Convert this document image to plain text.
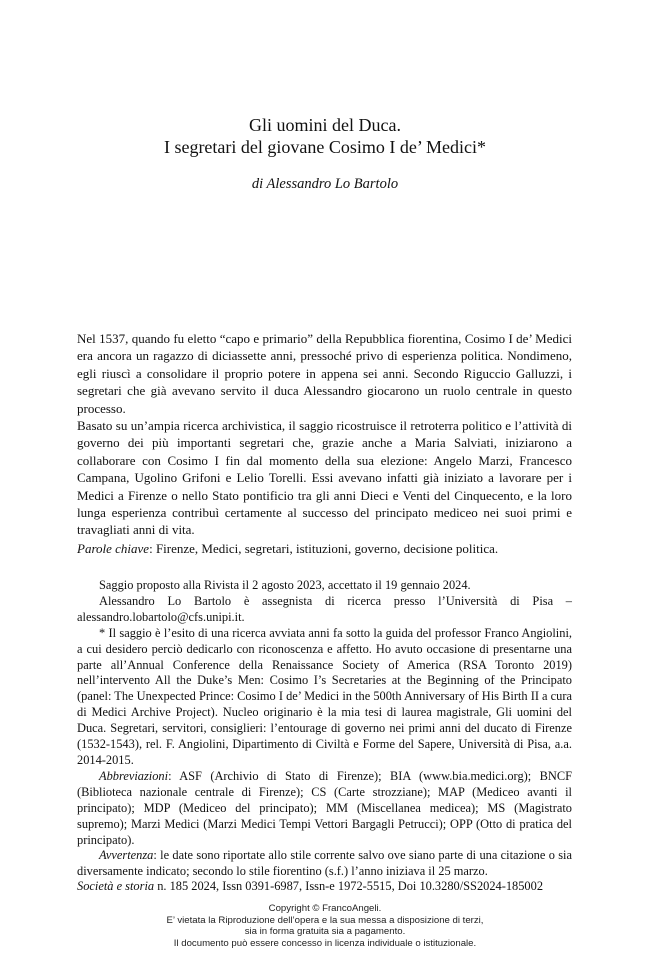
Gli uomini del Duca.
I segretari del giovane Cosimo I de’ Medici*
di Alessandro Lo Bartolo

Nel 1537, quando fu eletto “capo e primario” della Repubblica fiorentina, Cosimo I de’ Medici era ancora un ragazzo di diciassette anni, pressoché privo di esperienza politica. Nondimeno, egli riuscì a consolidare il proprio potere in appena sei anni. Secondo Riguccio Galluzzi, i segretari che già avevano servito il duca Alessandro giocarono un ruolo centrale in questo processo.

Basato su un’ampia ricerca archivistica, il saggio ricostruisce il retroterra politico e l’attività di governo dei più importanti segretari che, grazie anche a Maria Salviati, iniziarono a collaborare con Cosimo I fin dal momento della sua elezione: Angelo Marzi, Francesco Campana, Ugolino Grifoni e Lelio Torelli. Essi avevano infatti già iniziato a lavorare per i Medici a Firenze o nello Stato pontificio tra gli anni Dieci e Venti del Cinquecento, e la loro lunga esperienza contribuì certamente al successo del principato mediceo nei suoi primi e travagliati anni di vita.

Parole chiave: Firenze, Medici, segretari, istituzioni, governo, decisione politica.

Saggio proposto alla Rivista il 2 agosto 2023, accettato il 19 gennaio 2024.

Alessandro Lo Bartolo è assegnista di ricerca presso l’Università di Pisa – alessandro.lobartolo@cfs.unipi.it.

* Il saggio è l’esito di una ricerca avviata anni fa sotto la guida del professor Franco Angiolini, a cui desidero perciò dedicarlo con riconoscenza e affetto. Ho avuto occasione di presentarne una parte all’Annual Conference della Renaissance Society of America (RSA Toronto 2019) nell’intervento All the Duke’s Men: Cosimo I’s Secretaries at the Beginning of the Principato (panel: The Unexpected Prince: Cosimo I de’ Medici in the 500th Anniversary of His Birth II a cura di Medici Archive Project). Nucleo originario è la mia tesi di laurea magistrale, Gli uomini del Duca. Segretari, servitori, consiglieri: l’entourage di governo nei primi anni del ducato di Firenze (1532-1543), rel. F. Angiolini, Dipartimento di Civiltà e Forme del Sapere, Università di Pisa, a.a. 2014-2015.

Abbreviazioni: ASF (Archivio di Stato di Firenze); BIA (www.bia.medici.org); BNCF (Biblioteca nazionale centrale di Firenze); CS (Carte strozziane); MAP (Mediceo avanti il principato); MDP (Mediceo del principato); MM (Miscellanea medicea); MS (Magistrato supremo); Marzi Medici (Marzi Medici Tempi Vettori Bargagli Petrucci); OPP (Otto di pratica del principato).

Avvertenza: le date sono riportate allo stile corrente salvo ove siano parte di una citazione o sia diversamente indicato; secondo lo stile fiorentino (s.f.) l’anno iniziava il 25 marzo.

Società e storia n. 185 2024, Issn 0391-6987, Issn-e 1972-5515, Doi 10.3280/SS2024-185002
Copyright © FrancoAngeli.
E’ vietata la Riproduzione dell’opera e la sua messa a disposizione di terzi,
sia in forma gratuita sia a pagamento.
Il documento può essere concesso in licenza individuale o istituzionale.
